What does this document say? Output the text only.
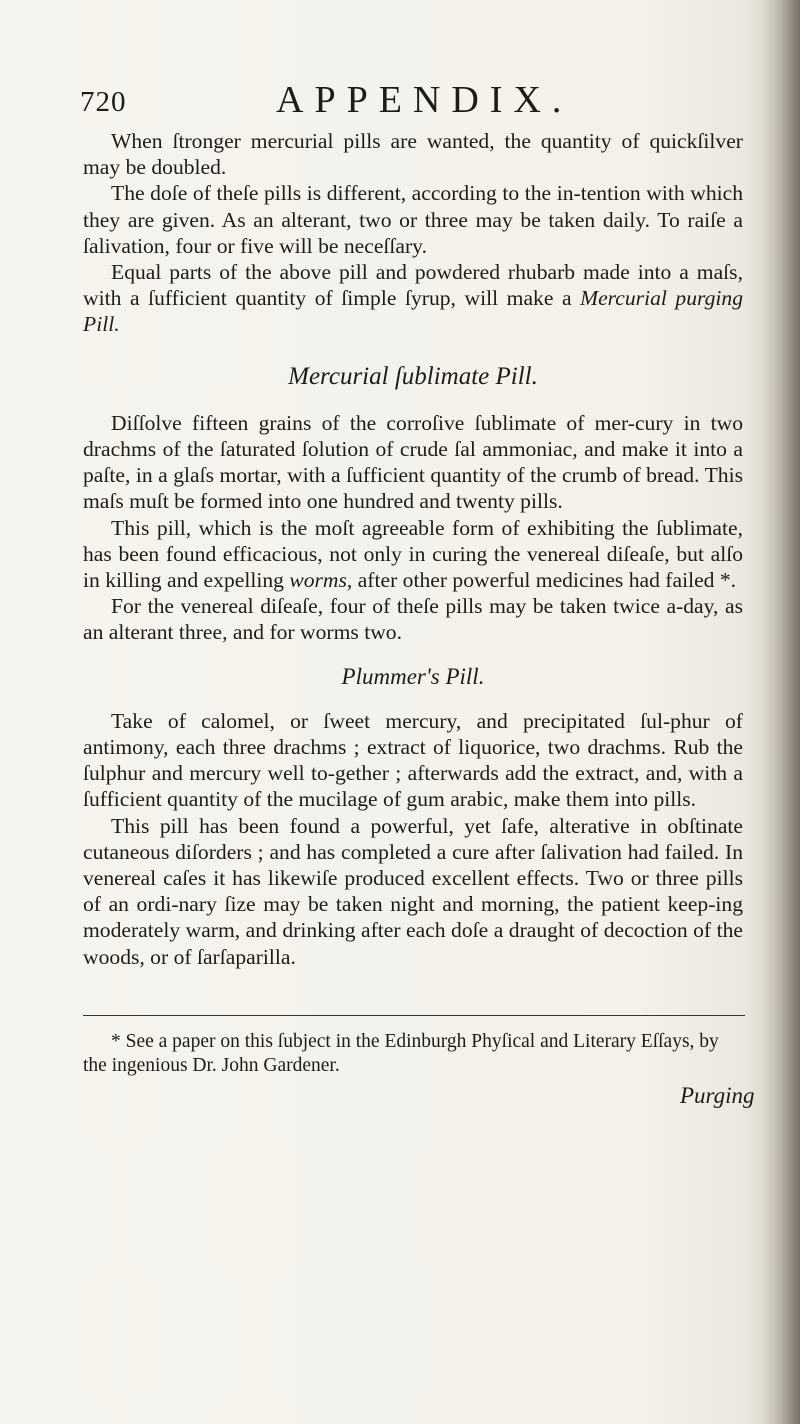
720	APPENDIX.

When ſtronger mercurial pills are wanted, the quantity of quickſilver may be doubled.

The doſe of theſe pills is different, according to the in-tention with which they are given. As an alterant, two or three may be taken daily. To raiſe a ſalivation, four or five will be neceſſary.

Equal parts of the above pill and powdered rhubarb made into a maſs, with a ſufficient quantity of ſimple ſyrup, will make a Mercurial purging Pill.

Mercurial ſublimate Pill.

Diſſolve fifteen grains of the corroſive ſublimate of mer-cury in two drachms of the ſaturated ſolution of crude ſal ammoniac, and make it into a paſte, in a glaſs mortar, with a ſufficient quantity of the crumb of bread. This maſs muſt be formed into one hundred and twenty pills.

This pill, which is the moſt agreeable form of exhibiting the ſublimate, has been found efficacious, not only in curing the venereal diſeaſe, but alſo in killing and expelling worms, after other powerful medicines had failed *.

For the venereal diſeaſe, four of theſe pills may be taken twice a-day, as an alterant three, and for worms two.

Plummer's Pill.

Take of calomel, or ſweet mercury, and precipitated ſul-phur of antimony, each three drachms ; extract of liquorice, two drachms. Rub the ſulphur and mercury well to-gether ; afterwards add the extract, and, with a ſufficient quantity of the mucilage of gum arabic, make them into pills.

This pill has been found a powerful, yet ſafe, alterative in obſtinate cutaneous diſorders ; and has completed a cure after ſalivation had failed. In venereal caſes it has likewiſe produced excellent effects. Two or three pills of an ordi-nary ſize may be taken night and morning, the patient keep-ing moderately warm, and drinking after each doſe a draught of decoction of the woods, or of ſarſaparilla.

* See a paper on this ſubject in the Edinburgh Phyſical and Literary Eſſays, by the ingenious Dr. John Gardener.
Purging
